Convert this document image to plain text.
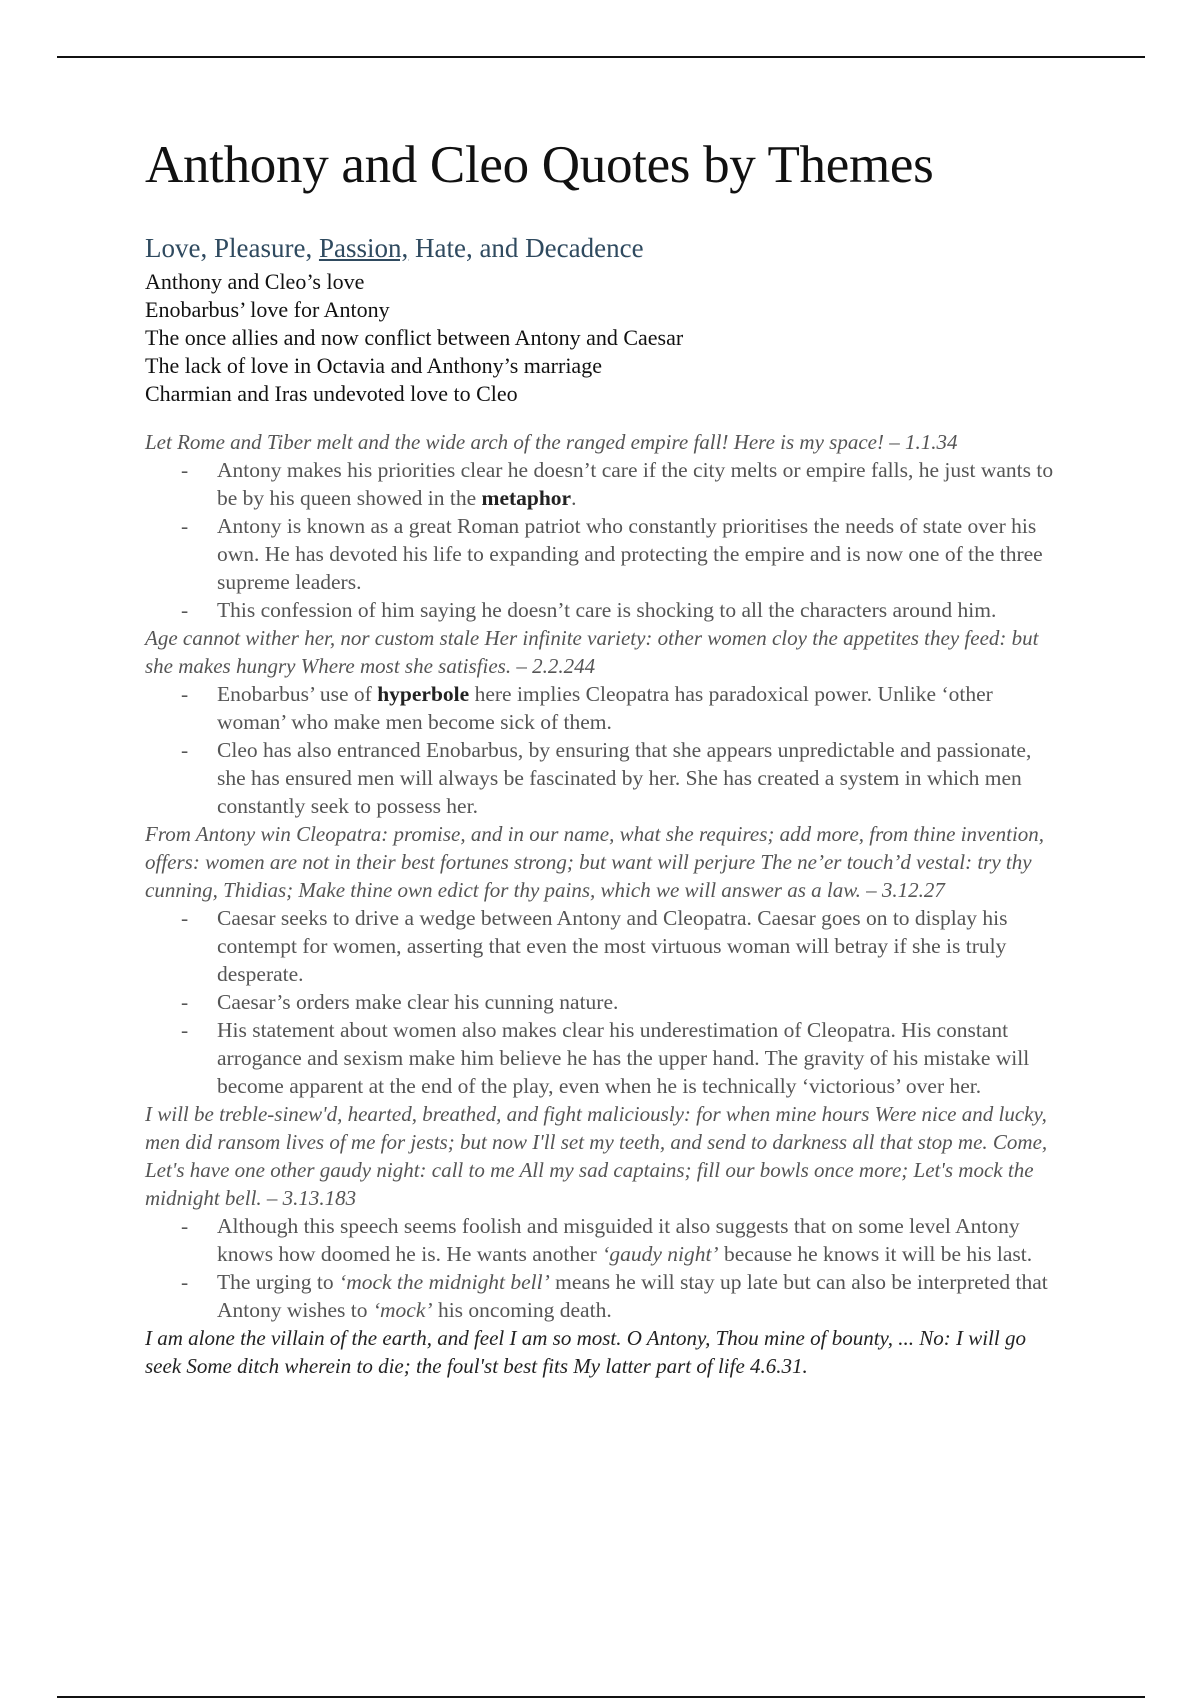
Anthony and Cleo Quotes by Themes
Love, Pleasure, Passion, Hate, and Decadence
Anthony and Cleo’s love
Enobarbus’ love for Antony
The once allies and now conflict between Antony and Caesar
The lack of love in Octavia and Anthony’s marriage
Charmian and Iras undevoted love to Cleo

Let Rome and Tiber melt and the wide arch of the ranged empire fall! Here is my space! – 1.1.34

- Antony makes his priorities clear he doesn’t care if the city melts or empire falls, he just wants to be by his queen showed in the metaphor.
- Antony is known as a great Roman patriot who constantly prioritises the needs of state over his own. He has devoted his life to expanding and protecting the empire and is now one of the three supreme leaders.
- This confession of him saying he doesn’t care is shocking to all the characters around him.

Age cannot wither her, nor custom stale Her infinite variety: other women cloy the appetites they feed: but she makes hungry Where most she satisfies. – 2.2.244

- Enobarbus’ use of hyperbole here implies Cleopatra has paradoxical power. Unlike ‘other woman’ who make men become sick of them.
- Cleo has also entranced Enobarbus, by ensuring that she appears unpredictable and passionate, she has ensured men will always be fascinated by her. She has created a system in which men constantly seek to possess her.

From Antony win Cleopatra: promise, and in our name, what she requires; add more, from thine invention, offers: women are not in their best fortunes strong; but want will perjure The ne’er touch’d vestal: try thy cunning, Thidias; Make thine own edict for thy pains, which we will answer as a law. – 3.12.27

- Caesar seeks to drive a wedge between Antony and Cleopatra. Caesar goes on to display his contempt for women, asserting that even the most virtuous woman will betray if she is truly desperate.
- Caesar’s orders make clear his cunning nature.
- His statement about women also makes clear his underestimation of Cleopatra. His constant arrogance and sexism make him believe he has the upper hand. The gravity of his mistake will become apparent at the end of the play, even when he is technically ‘victorious’ over her.

I will be treble-sinew'd, hearted, breathed, and fight maliciously: for when mine hours Were nice and lucky, men did ransom lives of me for jests; but now I'll set my teeth, and send to darkness all that stop me. Come, Let's have one other gaudy night: call to me All my sad captains; fill our bowls once more; Let's mock the midnight bell. – 3.13.183

- Although this speech seems foolish and misguided it also suggests that on some level Antony knows how doomed he is. He wants another ‘gaudy night’ because he knows it will be his last.
- The urging to ‘mock the midnight bell’ means he will stay up late but can also be interpreted that Antony wishes to ‘mock’ his oncoming death.

I am alone the villain of the earth, and feel I am so most. O Antony, Thou mine of bounty, ... No: I will go seek Some ditch wherein to die; the foul'st best fits My latter part of life 4.6.31.
